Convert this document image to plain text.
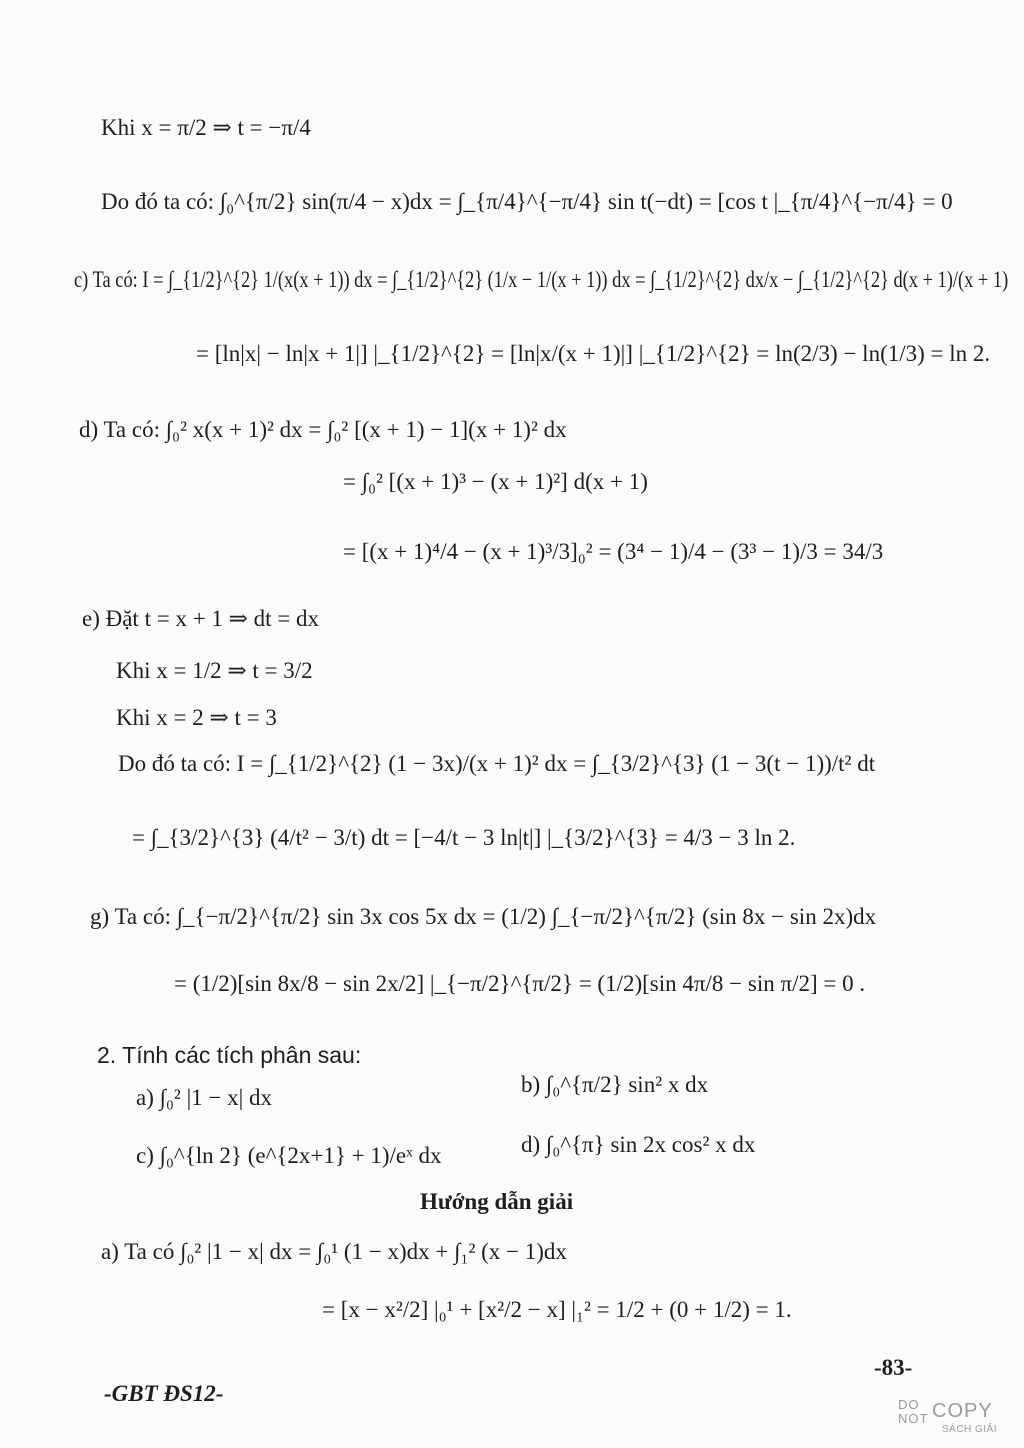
Khi x = π/2 ⇒ t = −π/4
Do đó ta có: ∫₀^{π/2} sin(π/4 − x)dx = ∫_{π/4}^{−π/4} sin t(−dt) = [cos t |_{π/4}^{−π/4} = 0
c) Ta có: I = ∫_{1/2}^{2} 1/(x(x + 1)) dx = ∫_{1/2}^{2} (1/x − 1/(x + 1)) dx = ∫_{1/2}^{2} dx/x − ∫_{1/2}^{2} d(x + 1)/(x + 1)
= [ln|x| − ln|x + 1|] |_{1/2}^{2} = [ln|x/(x + 1)|] |_{1/2}^{2} = ln(2/3) − ln(1/3) = ln 2.
d) Ta có: ∫₀² x(x + 1)² dx = ∫₀² [(x + 1) − 1](x + 1)² dx
= ∫₀² [(x + 1)³ − (x + 1)²] d(x + 1)
= [(x + 1)⁴/4 − (x + 1)³/3]₀² = (3⁴ − 1)/4 − (3³ − 1)/3 = 34/3
e) Đặt t = x + 1 ⇒ dt = dx
Khi x = 1/2 ⇒ t = 3/2
Khi x = 2 ⇒ t = 3
Do đó ta có: I = ∫_{1/2}^{2} (1 − 3x)/(x + 1)² dx = ∫_{3/2}^{3} (1 − 3(t − 1))/t² dt
= ∫_{3/2}^{3} (4/t² − 3/t) dt = [−4/t − 3 ln|t|] |_{3/2}^{3} = 4/3 − 3 ln 2.
g) Ta có: ∫_{−π/2}^{π/2} sin 3x cos 5x dx = (1/2) ∫_{−π/2}^{π/2} (sin 8x − sin 2x)dx
= (1/2)[sin 8x/8 − sin 2x/2] |_{−π/2}^{π/2} = (1/2)[sin 4π/8 − sin π/2] = 0 .
2. Tính các tích phân sau:
a) ∫₀² |1 − x| dx
b) ∫₀^{π/2} sin² x dx
c) ∫₀^{ln 2} (e^{2x+1} + 1)/eˣ dx	d) ∫₀^{π} sin 2x cos² x dx
Hướng dẫn giải
a) Ta có ∫₀² |1 − x| dx = ∫₀¹ (1 − x)dx + ∫₁² (x − 1)dx
= [x − x²/2] |₀¹ + [x²/2 − x] |₁² = 1/2 + (0 + 1/2) = 1.
-83-
-GBT ĐS12-	DO
NOT COPY
SÁCH GIẢI
